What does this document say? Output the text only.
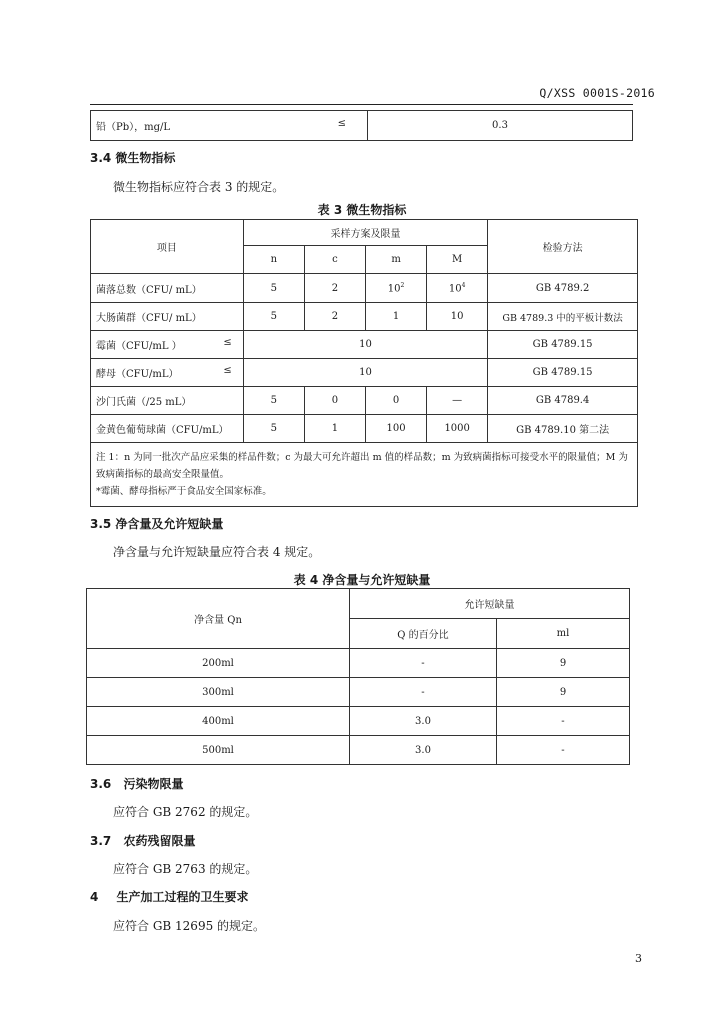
Q/XSS 0001S-2016
铅（Pb），mg/L	≤	0.3
3.4 微生物指标
微生物指标应符合表 3 的规定。
表 3 微生物指标
项目	采样方案及限量				检验方法
	n	c	m	M	
菌落总数（CFU/ mL）	5	2	$10^2$	$10^4$	GB 4789.2
大肠菌群（CFU/ mL）	5	2	1	10	GB 4789.3 中的平板计数法
霉菌（CFU/mL ） ≤	10				GB 4789.15
酵母（CFU/mL） ≤	10				GB 4789.15
沙门氏菌（/25 mL）	5	0	0	—	GB 4789.4
金黄色葡萄球菌（CFU/mL）	5	1	100	1000	GB 4789.10 第二法

注 1：n 为同一批次产品应采集的样品件数；c 为最大可允许超出 m 值的样品数；m 为致病菌指标可接受水平的限量值；M 为致病菌指标的最高安全限量值。
*霉菌、酵母指标严于食品安全国家标准。					
3.5 净含量及允许短缺量
净含量与允许短缺量应符合表 4 规定。
表 4 净含量与允许短缺量
净含量 Qn	允许短缺量	
	Q 的百分比	ml
200ml	-	9
300ml	-	9
400ml	3.0	-
500ml	3.0	-
3.6 污染物限量
应符合 GB 2762 的规定。
3.7 农药残留限量
应符合 GB 2763 的规定。
4 生产加工过程的卫生要求
应符合 GB 12695 的规定。
3
